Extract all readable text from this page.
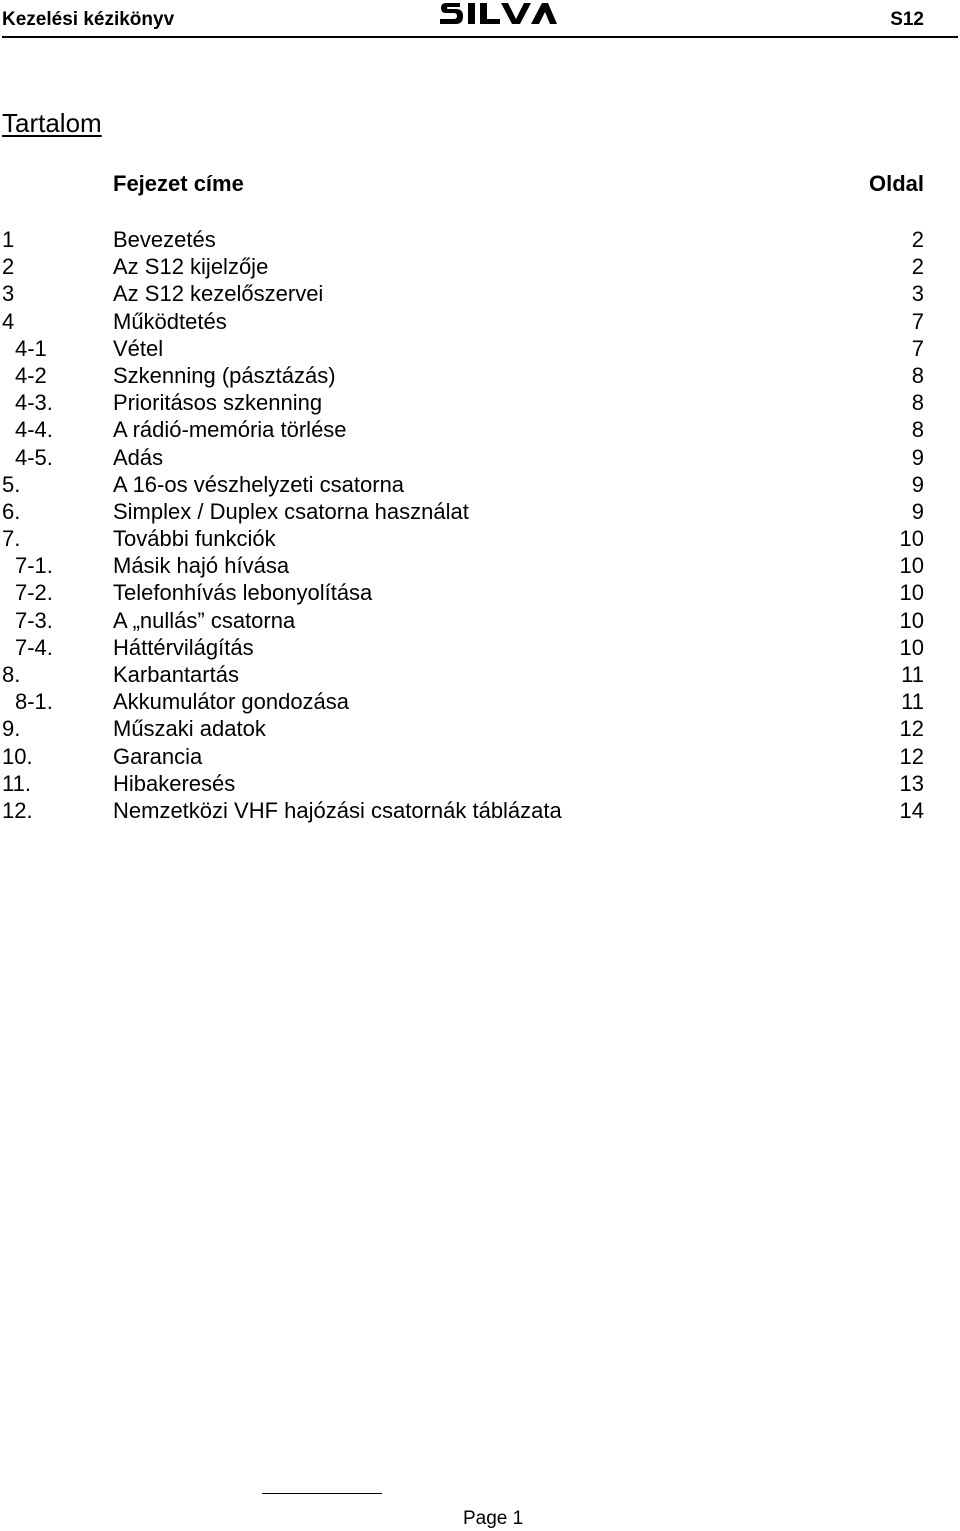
Kezelési kézikönyv	S12
Tartalom
Fejezet címe	Oldal
1	Bevezetés	2
2	Az S12 kijelzője	2
3	Az S12 kezelőszervei	3
4	Működtetés	7
4-1	Vétel	7
4-2	Szkenning (pásztázás)	8
4-3.	Prioritásos szkenning	8
4-4.	A rádió-memória törlése	8
4-5.	Adás	9
5.	A 16-os vészhelyzeti csatorna	9
6.	Simplex / Duplex csatorna használat	9
7.	További funkciók	10
7-1.	Másik hajó hívása	10
7-2.	Telefonhívás lebonyolítása	10
7-3.	A „nullás” csatorna	10
7-4.	Háttérvilágítás	10
8.	Karbantartás	11
8-1.	Akkumulátor gondozása	11
9.	Műszaki adatok	12
10.	Garancia	12
11.	Hibakeresés	13
12.	Nemzetközi VHF hajózási csatornák táblázata	14
Page 1
